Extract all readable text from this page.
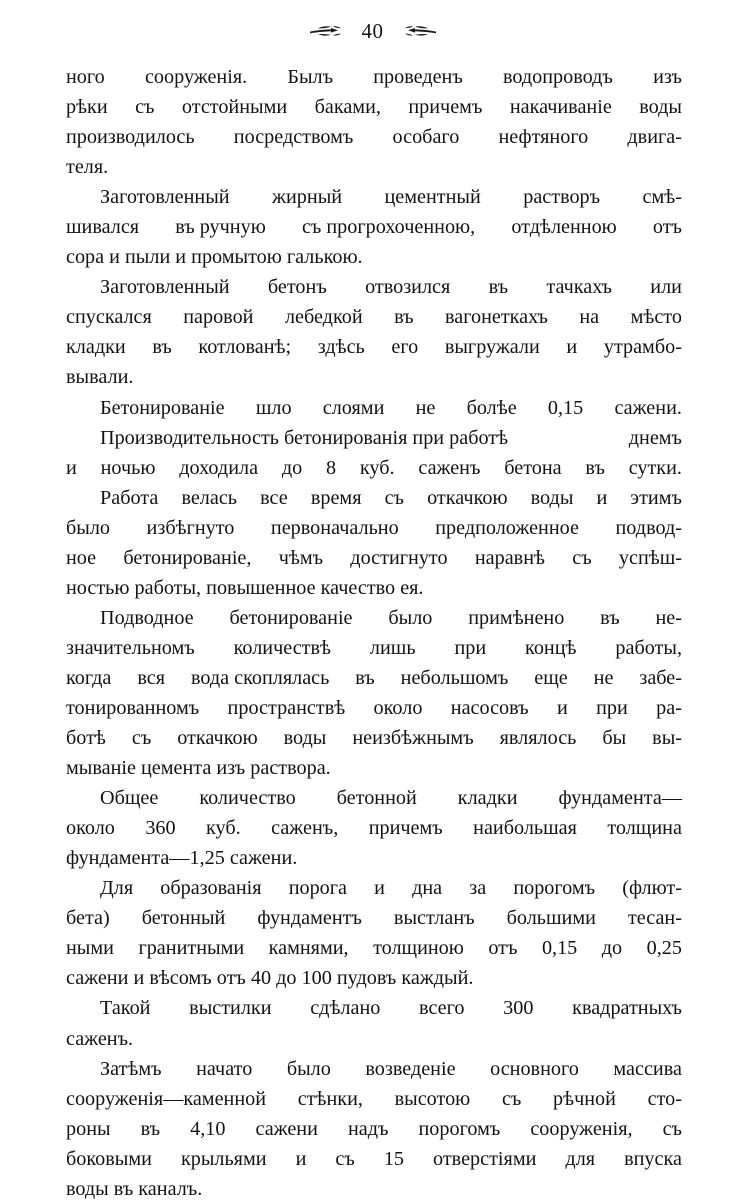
40

ного сооруженія. Былъ проведенъ водопроводъ изъ
рѣки съ отстойными баками, причемъ накачиваніе воды
производилось посредствомъ особаго нефтяного двига-
теля.

Заготовленный жирный цементный растворъ смѣ-
шивался въ ручную съ прогрохоченною, отдѣленною отъ
сора и пыли и промытою галькою.

Заготовленный бетонъ отвозился въ тачкахъ или
спускался паровой лебедкой въ вагонеткахъ на мѣсто
кладки въ котлованѣ; здѣсь его выгружали и утрамбо-
вывали.

Бетонированіе шло слоями не болѣе 0,15 сажени.

Производительность бетонированія при работѣ	днемъ
и ночью доходила до 8 куб. саженъ бетона въ сутки.

Работа велась все время съ откачкою воды и этимъ
было избѣгнуто первоначально предположенное подвод-
ное бетонированіе, чѣмъ достигнуто наравнѣ съ успѣш-
ностью работы, повышенное качество ея.

Подводное бетонированіе было примѣнено въ не-
значительномъ количествѣ лишь при концѣ работы,
когда вся вода скоплялась въ небольшомъ еще не забе-
тонированномъ пространствѣ около насосовъ и при ра-
ботѣ съ откачкою воды неизбѣжнымъ являлось бы вы-
мываніе цемента изъ раствора.

Общее количество бетонной кладки фундамента—
около 360 куб. саженъ, причемъ наибольшая толщина
фундамента—1,25 сажени.

Для образованія порога и дна за порогомъ (флют-
бета) бетонный фундаментъ выстланъ большими тесан-
ными гранитными камнями, толщиною отъ 0,15 до 0,25
сажени и вѣсомъ отъ 40 до 100 пудовъ каждый.

Такой выстилки сдѣлано всего 300 квадратныхъ
саженъ.

Затѣмъ начато было возведеніе основного массива
сооруженія—каменной стѣнки, высотою съ рѣчной сто-
роны въ 4,10 сажени надъ порогомъ сооруженія, съ
боковыми крыльями и съ 15 отверстіями для впуска
воды въ каналъ.
